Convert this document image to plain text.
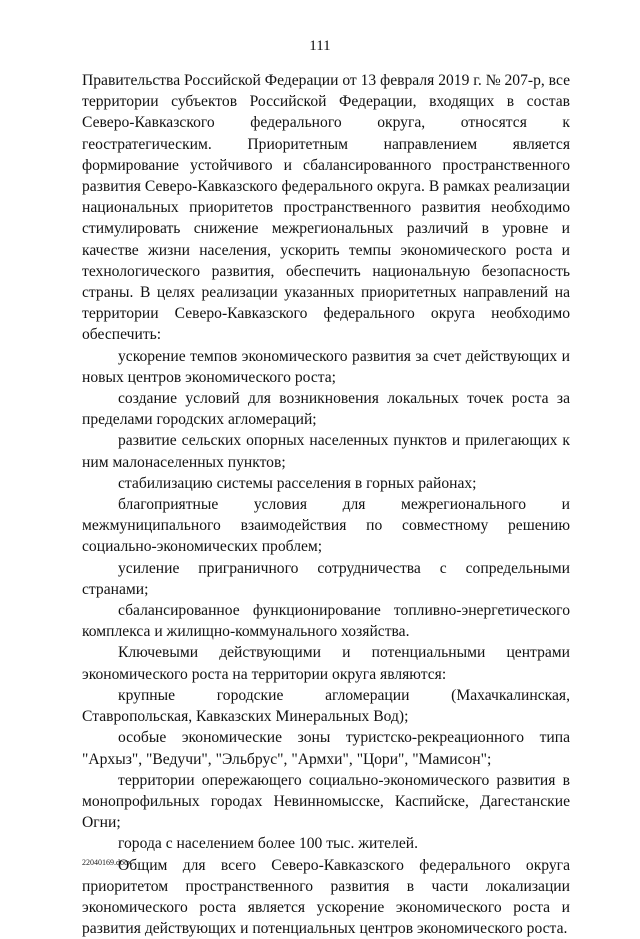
111

Правительства Российской Федерации от 13 февраля 2019 г. № 207-р, все территории субъектов Российской Федерации, входящих в состав Северо-Кавказского федерального округа, относятся к геостратегическим. Приоритетным направлением является формирование устойчивого и сбалансированного пространственного развития Северо-Кавказского федерального округа. В рамках реализации национальных приоритетов пространственного развития необходимо стимулировать снижение межрегиональных различий в уровне и качестве жизни населения, ускорить темпы экономического роста и технологического развития, обеспечить национальную безопасность страны. В целях реализации указанных приоритетных направлений на территории Северо-Кавказского федерального округа необходимо обеспечить:

ускорение темпов экономического развития за счет действующих и новых центров экономического роста;

создание условий для возникновения локальных точек роста за пределами городских агломераций;

развитие сельских опорных населенных пунктов и прилегающих к ним малонаселенных пунктов;

стабилизацию системы расселения в горных районах;

благоприятные условия для межрегионального и межмуниципального взаимодействия по совместному решению социально-экономических проблем;

усиление приграничного сотрудничества с сопредельными странами;

сбалансированное функционирование топливно-энергетического комплекса и жилищно-коммунального хозяйства.

Ключевыми действующими и потенциальными центрами экономического роста на территории округа являются:

крупные городские агломерации (Махачкалинская, Ставропольская, Кавказских Минеральных Вод);

особые экономические зоны туристско-рекреационного типа "Архыз", "Ведучи", "Эльбрус", "Армхи", "Цори", "Мамисон";

территории опережающего социально-экономического развития в монопрофильных городах Невинномысске, Каспийске, Дагестанские Огни;

города с населением более 100 тыс. жителей.

Общим для всего Северо-Кавказского федерального округа приоритетом пространственного развития в части локализации экономического роста является ускорение экономического роста и развития действующих и потенциальных центров экономического роста.

22040169.docx
